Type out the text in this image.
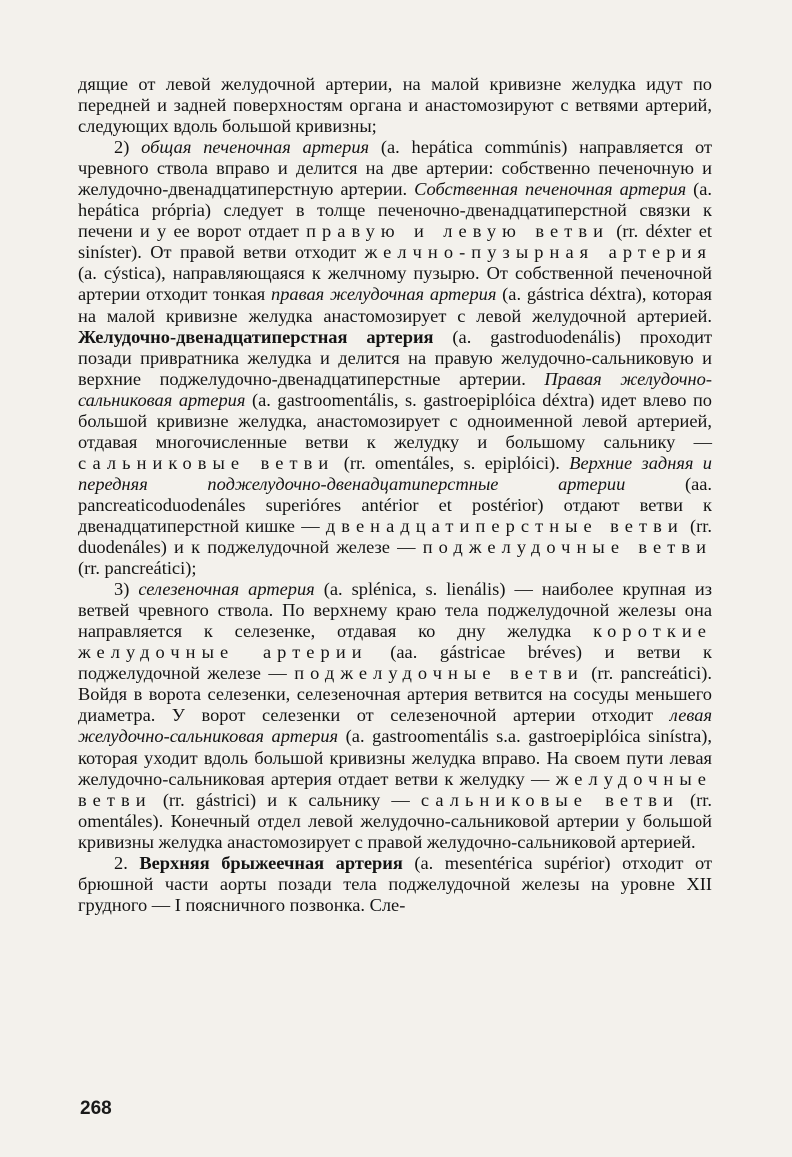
дящие от левой желудочной артерии, на малой кривизне желудка идут по передней и задней поверхностям органа и анастомозируют с ветвями артерий, следующих вдоль большой кривизны;

2) общая печеночная артерия (a. hepática commúnis) направляется от чревного ствола вправо и делится на две артерии: собственно печеночную и желудочно-двенадцатиперстную артерии. Собственная печеночная артерия (a. hepática própria) следует в толще печеночно-двенадцатиперстной связки к печени и у ее ворот отдает правую и левую ветви (rr. déxter et siníster). От правой ветви отходит желчно-пузырная артерия (a. cýstica), направляющаяся к желчному пузырю. От собственной печеночной артерии отходит тонкая правая желудочная артерия (a. gástrica déxtra), которая на малой кривизне желудка анастомозирует с левой желудочной артерией. Желудочно-двенадцатиперстная артерия (a. gastroduodenális) проходит позади привратника желудка и делится на правую желудочно-сальниковую и верхние поджелудочно-двенадцатиперстные артерии. Правая желудочно-сальниковая артерия (a. gastroomentális, s. gastroepiplóica déxtra) идет влево по большой кривизне желудка, анастомозирует с одноименной левой артерией, отдавая многочисленные ветви к желудку и большому сальнику — сальниковые ветви (rr. omentáles, s. epiplóici). Верхние задняя и передняя поджелудочно-двенадцатиперстные артерии (aa. pancreaticoduodenáles superióres antérior et postérior) отдают ветви к двенадцатиперстной кишке — двенадцатиперстные ветви (rr. duodenáles) и к поджелудочной железе — поджелудочные ветви (rr. pancreátici);

3) селезеночная артерия (a. splénica, s. lienális) — наиболее крупная из ветвей чревного ствола. По верхнему краю тела поджелудочной железы она направляется к селезенке, отдавая ко дну желудка короткие желудочные артерии (aa. gástricae bréves) и ветви к поджелудочной железе — поджелудочные ветви (rr. pancreátici). Войдя в ворота селезенки, селезеночная артерия ветвится на сосуды меньшего диаметра. У ворот селезенки от селезеночной артерии отходит левая желудочно-сальниковая артерия (a. gastroomentális s.a. gastroepiplóica sinístra), которая уходит вдоль большой кривизны желудка вправо. На своем пути левая желудочно-сальниковая артерия отдает ветви к желудку — желудочные ветви (rr. gástrici) и к сальнику — сальниковые ветви (rr. omentáles). Конечный отдел левой желудочно-сальниковой артерии у большой кривизны желудка анастомозирует с правой желудочно-сальниковой артерией.

2. Верхняя брыжеечная артерия (a. mesentérica supérior) отходит от брюшной части аорты позади тела поджелудочной железы на уровне XII грудного — I поясничного позвонка. Сле-

268
